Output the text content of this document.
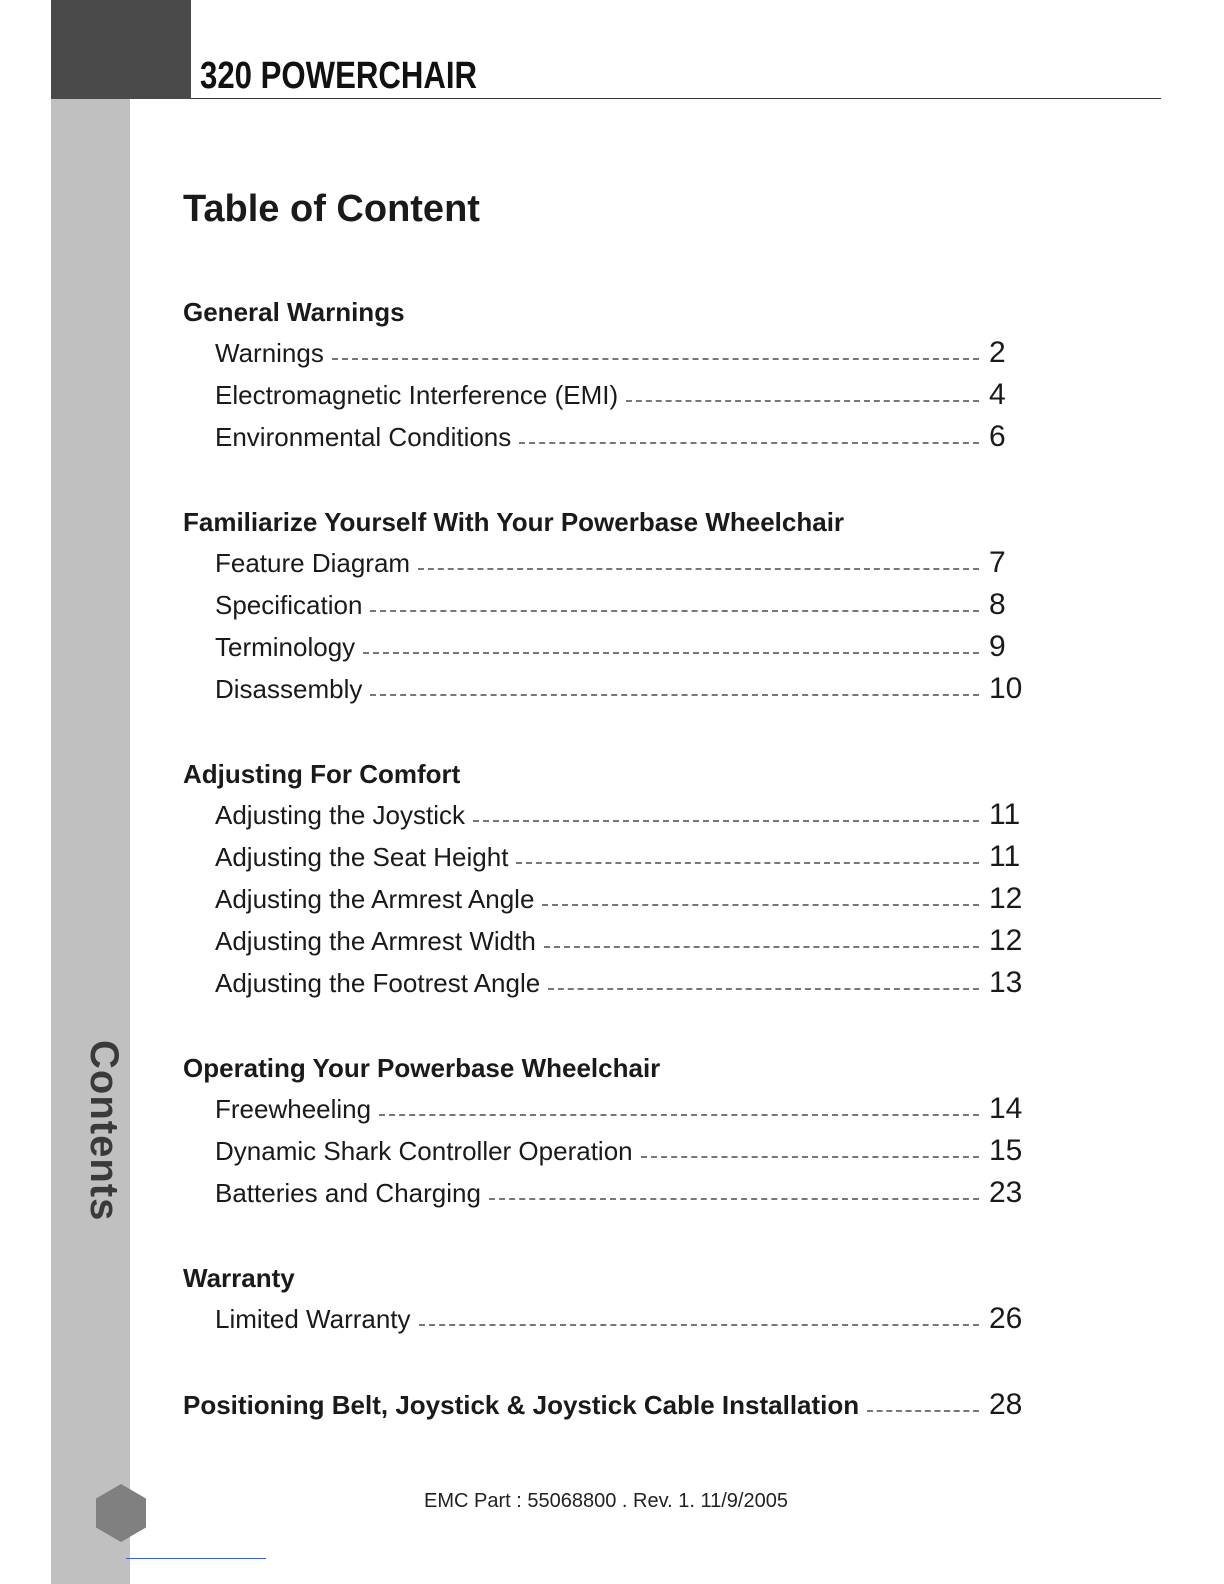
320 POWERCHAIR
Contents
Table of Content
General Warnings
Warnings	2
Electromagnetic Interference (EMI)	4
Environmental Conditions	6
Familiarize Yourself With Your Powerbase Wheelchair
Feature Diagram	7
Specification	8
Terminology	9
Disassembly	10
Adjusting For Comfort
Adjusting the Joystick	11
Adjusting the Seat Height	11
Adjusting the Armrest Angle	12
Adjusting the Armrest Width	12
Adjusting the Footrest Angle	13
Operating Your Powerbase Wheelchair
Freewheeling	14
Dynamic Shark Controller Operation	15
Batteries and Charging	23
Warranty
Limited Warranty	26
Positioning Belt, Joystick & Joystick Cable Installation	28
EMC Part : 55068800 . Rev. 1. 11/9/2005
